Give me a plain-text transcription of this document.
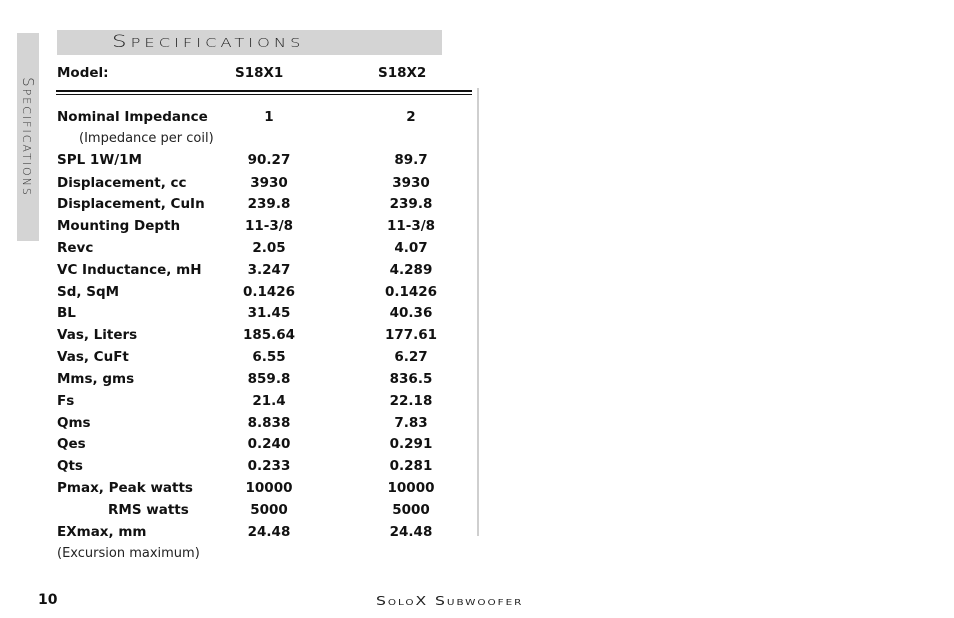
Specifications
Specifications
Model:	S18X1	S18X2
Nominal Impedance	1	2
(Impedance per coil)
SPL 1W/1M	90.27	89.7
Displacement, cc	3930	3930
Displacement, CuIn	239.8	239.8
Mounting Depth	11-3/8	11-3/8
Revc	2.05	4.07
VC Inductance, mH	3.247	4.289
Sd, SqM	0.1426	0.1426
BL	31.45	40.36
Vas, Liters	185.64	177.61
Vas, CuFt	6.55	6.27
Mms, gms	859.8	836.5
Fs	21.4	22.18
Qms	8.838	7.83
Qes	0.240	0.291
Qts	0.233	0.281
Pmax, Peak watts	10000	10000
RMS watts	5000	5000
EXmax, mm	24.48	24.48
(Excursion maximum)
10	SoloX Subwoofer
